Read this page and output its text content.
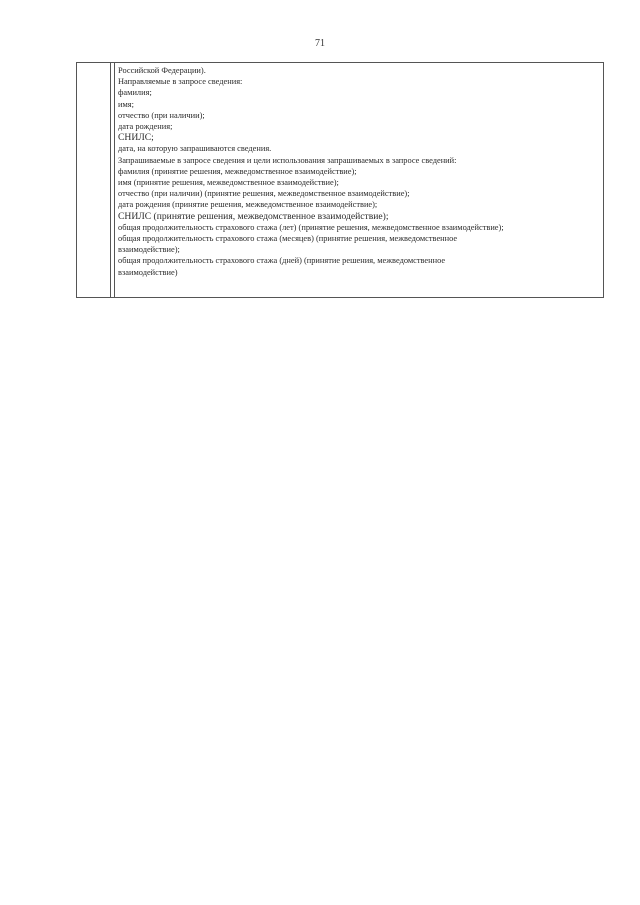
71
Российской Федерации).
Направляемые в запросе сведения:
фамилия;
имя;
отчество (при наличии);
дата рождения;
СНИЛС;
дата, на которую запрашиваются сведения.
Запрашиваемые в запросе сведения и цели использования запрашиваемых в запросе сведений:
фамилия (принятие решения, межведомственное взаимодействие);
имя (принятие решения, межведомственное взаимодействие);
отчество (при наличии) (принятие решения, межведомственное взаимодействие);
дата рождения (принятие решения, межведомственное взаимодействие);
СНИЛС (принятие решения, межведомственное взаимодействие);
общая продолжительность страхового стажа (лет) (принятие решения, межведомственное взаимодействие);
общая продолжительность страхового стажа (месяцев) (принятие решения, межведомственное
взаимодействие);
общая продолжительность страхового стажа (дней) (принятие решения, межведомственное
взаимодействие)
